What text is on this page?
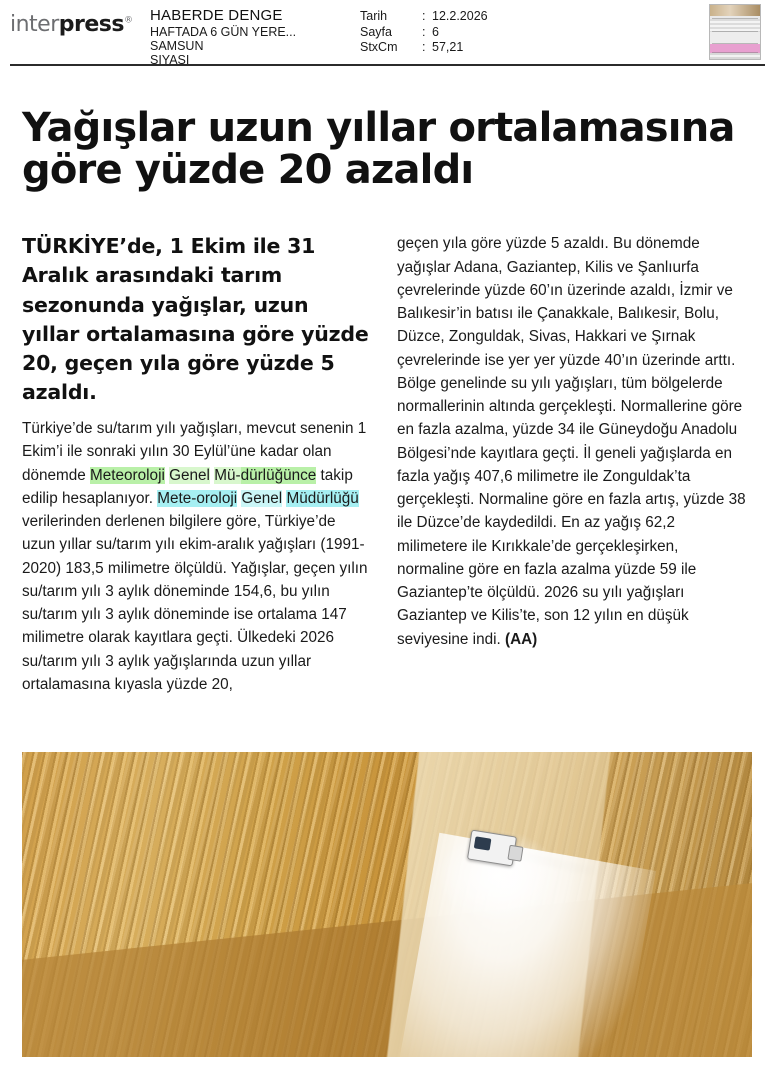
interpress®	HABERDE DENGE
HAFTADA 6 GÜN YERE...
SAMSUN
SIYASI
Tarih	: 12.2.2026
Sayfa	: 6
StxCm	: 57,21
Yağışlar uzun yıllar ortalamasına göre yüzde 20 azaldı

TÜRKİYE’de, 1 Ekim ile 31 Aralık arasındaki tarım sezonunda yağışlar, uzun yıllar ortalamasına göre yüzde 20, geçen yıla göre yüzde 5 azaldı.

Türkiye’de su/tarım yılı yağışları, mevcut senenin 1 Ekim’i ile sonraki yılın 30 Eylül’üne kadar olan dönemde Meteoroloji Genel Mü-dürlüğünce takip edilip hesaplanıyor. Mete-oroloji Genel Müdürlüğü verilerinden derlenen bilgilere göre, Türkiye’de uzun yıllar su/tarım yılı ekim-aralık yağışları (1991-2020) 183,5 milimetre ölçüldü. Yağışlar, geçen yılın su/tarım yılı 3 aylık döneminde 154,6, bu yılın su/tarım yılı 3 aylık döneminde ise ortalama 147 milimetre olarak kayıtlara geçti. Ülkedeki 2026 su/tarım yılı 3 aylık yağışlarında uzun yıllar ortalamasına kıyasla yüzde 20,

geçen yıla göre yüzde 5 azaldı. Bu dönemde yağışlar Adana, Gaziantep, Kilis ve Şanlıurfa çevrelerinde yüzde 60’ın üzerinde azaldı, İzmir ve Balıkesir’in batısı ile Çanakkale, Balıkesir, Bolu, Düzce, Zonguldak, Sivas, Hakkari ve Şırnak çevrelerinde ise yer yer yüzde 40’ın üzerinde arttı. Bölge genelinde su yılı yağışları, tüm bölgelerde normallerinin altında gerçekleşti. Normallerine göre en fazla azalma, yüzde 34 ile Güneydoğu Anadolu Bölgesi’nde kayıtlara geçti. İl geneli yağışlarda en fazla yağış 407,6 milimetre ile Zonguldak’ta gerçekleşti. Normaline göre en fazla artış, yüzde 38 ile Düzce’de kaydedildi. En az yağış 62,2 milimetere ile Kırıkkale’de gerçekleşirken, normaline göre en fazla azalma yüzde 59 ile Gaziantep’te ölçüldü. 2026 su yılı yağışları Gaziantep ve Kilis’te, son 12 yılın en düşük seviyesine indi. (AA)
